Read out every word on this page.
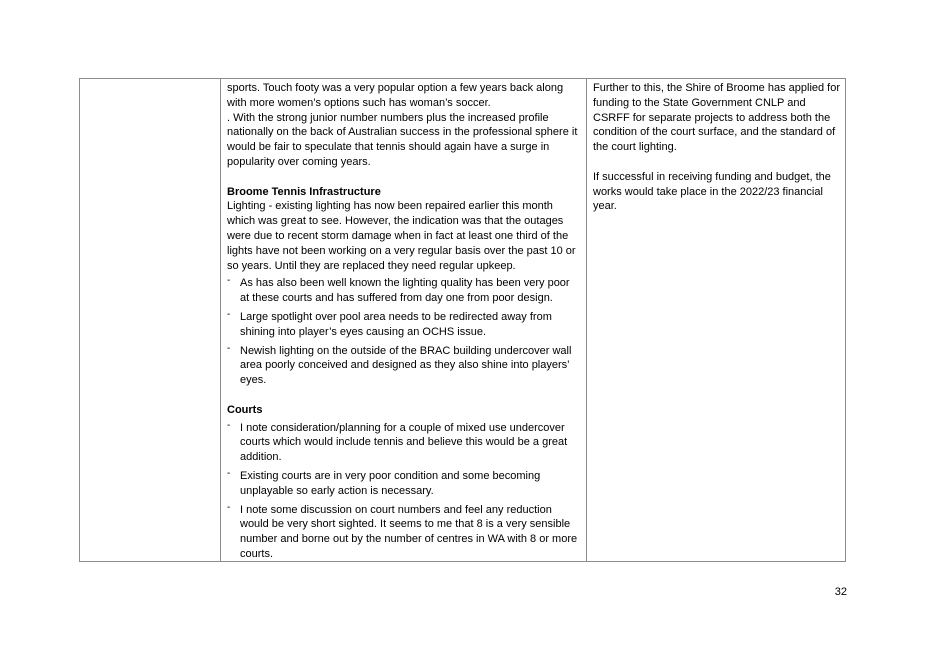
sports. Touch footy was a very popular option a few years back along with more women’s options such has woman’s soccer.

. With the strong junior number numbers plus the increased profile nationally on the back of Australian success in the professional sphere it would be fair to speculate that tennis should again have a surge in popularity over coming years.

Broome Tennis Infrastructure

Lighting - existing lighting has now been repaired earlier this month which was great to see. However, the indication was that the outages were due to recent storm damage when in fact at least one third of the lights have not been working on a very regular basis over the past 10 or so years. Until they are replaced they need regular upkeep.

- As has also been well known the lighting quality has been very poor at these courts and has suffered from day one from poor design.
- Large spotlight over pool area needs to be redirected away from shining into player’s eyes causing an OCHS issue.
- Newish lighting on the outside of the BRAC building undercover wall area poorly conceived and designed as they also shine into players’ eyes.

Courts

- I note consideration/planning for a couple of mixed use undercover courts which would include tennis and believe this would be a great addition.
- Existing courts are in very poor condition and some becoming unplayable so early action is necessary.
- I note some discussion on court numbers and feel any reduction would be very short sighted. It seems to me that 8 is a very sensible number and borne out by the number of centres in WA with 8 or more courts.

Further to this, the Shire of Broome has applied for funding to the State Government CNLP and CSRFF for separate projects to address both the condition of the court surface, and the standard of the court lighting.

If successful in receiving funding and budget, the works would take place in the 2022/23 financial year.

32
